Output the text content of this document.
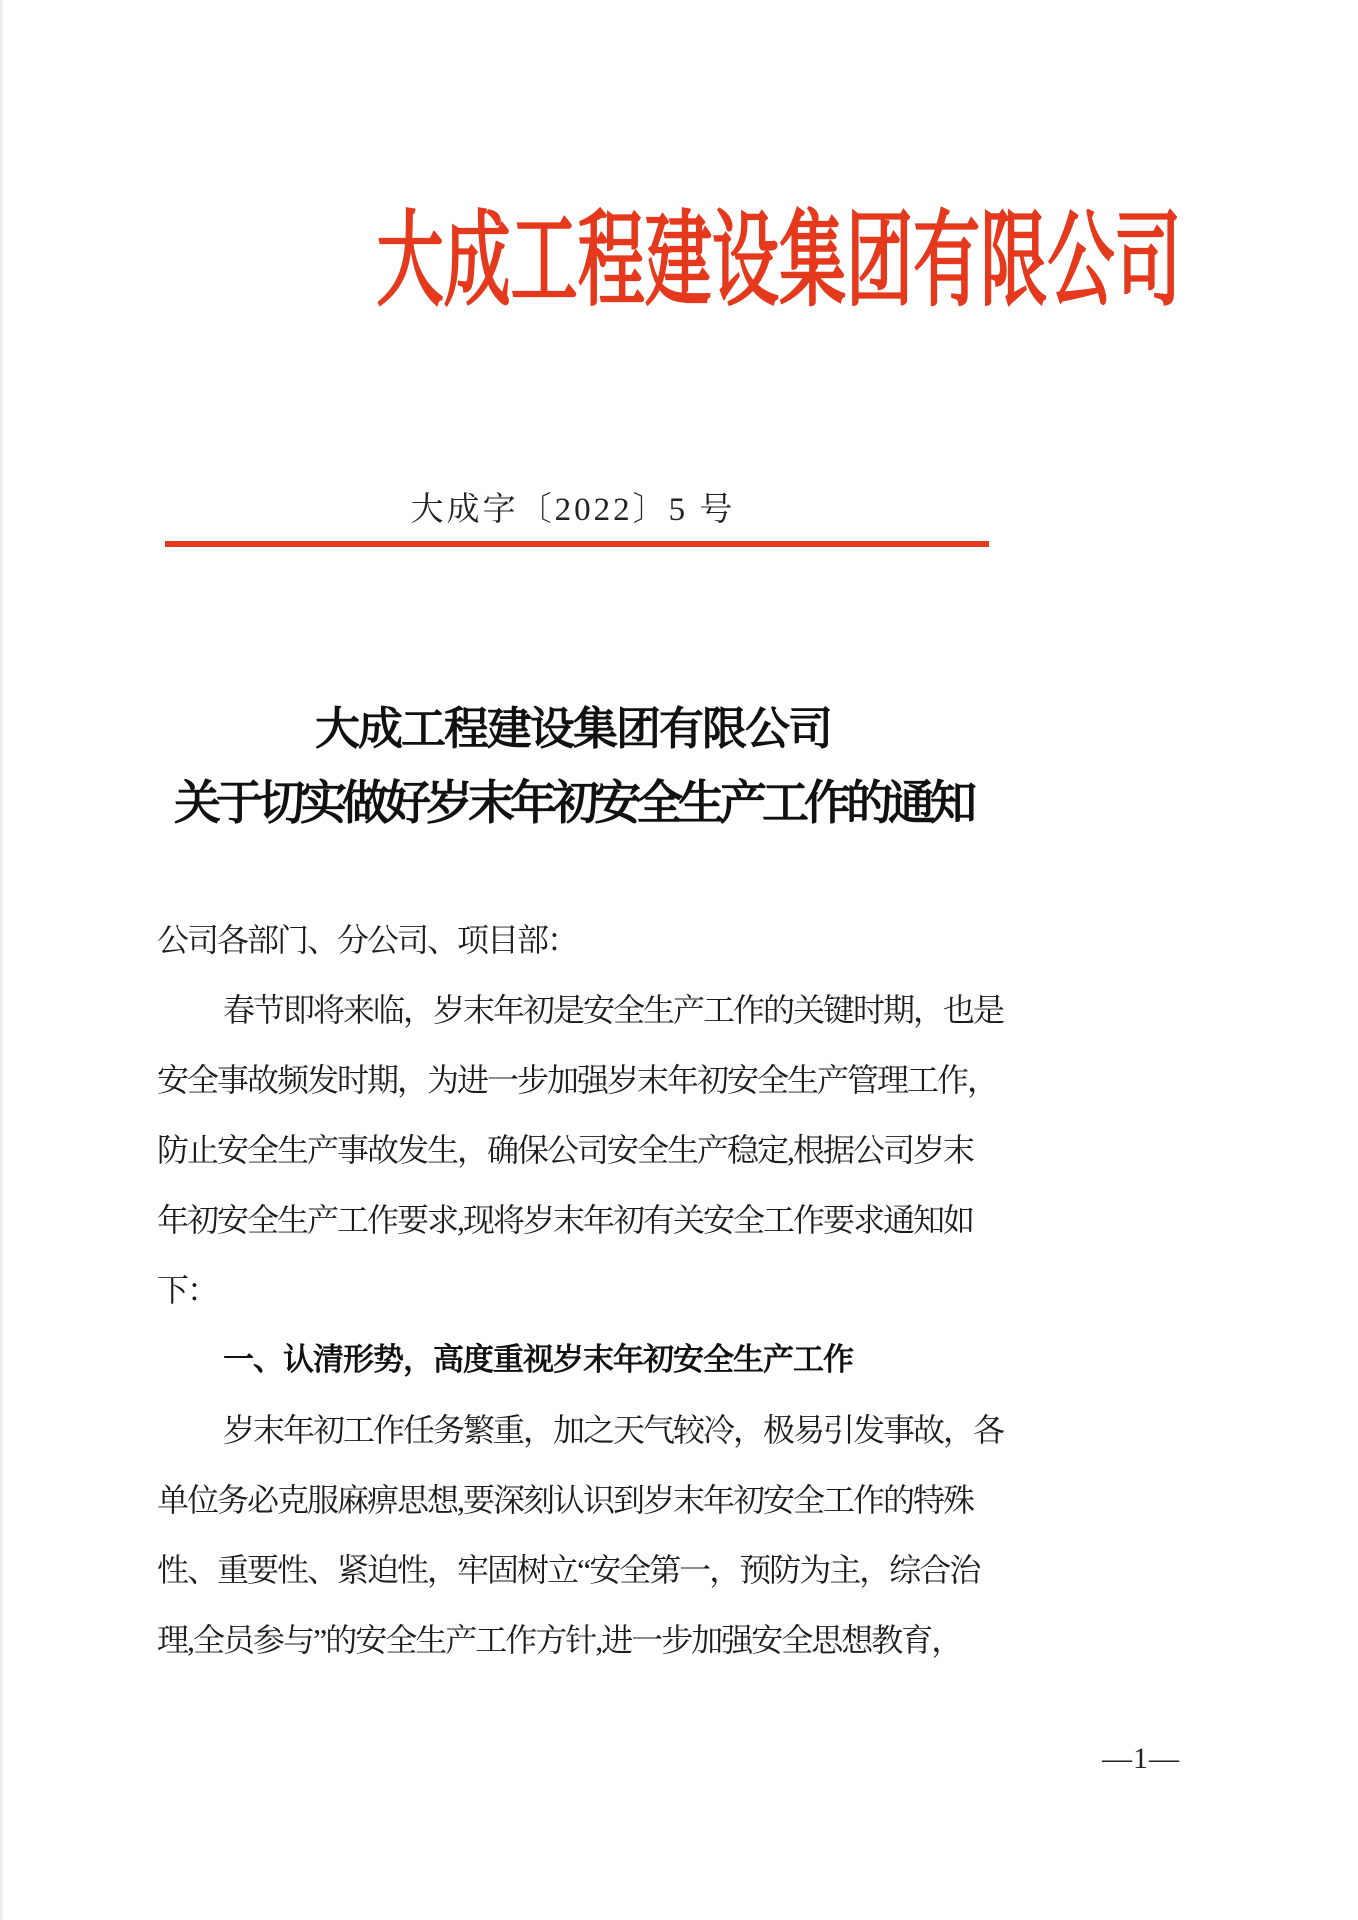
大成工程建设集团有限公司
大成字〔2022〕5 号
大成工程建设集团有限公司
关于切实做好岁末年初安全生产工作的通知
公司各部门、分公司、项目部：
春节即将来临，岁末年初是安全生产工作的关键时期，也是
安全事故频发时期，为进一步加强岁末年初安全生产管理工作，
防止安全生产事故发生，确保公司安全生产稳定,根据公司岁末
年初安全生产工作要求,现将岁末年初有关安全工作要求通知如
下：
一、认清形势，高度重视岁末年初安全生产工作
岁末年初工作任务繁重，加之天气较冷，极易引发事故，各
单位务必克服麻痹思想,要深刻认识到岁末年初安全工作的特殊
性、重要性、紧迫性，牢固树立“安全第一，预防为主，综合治
理,全员参与”的安全生产工作方针,进一步加强安全思想教育，
—1—
